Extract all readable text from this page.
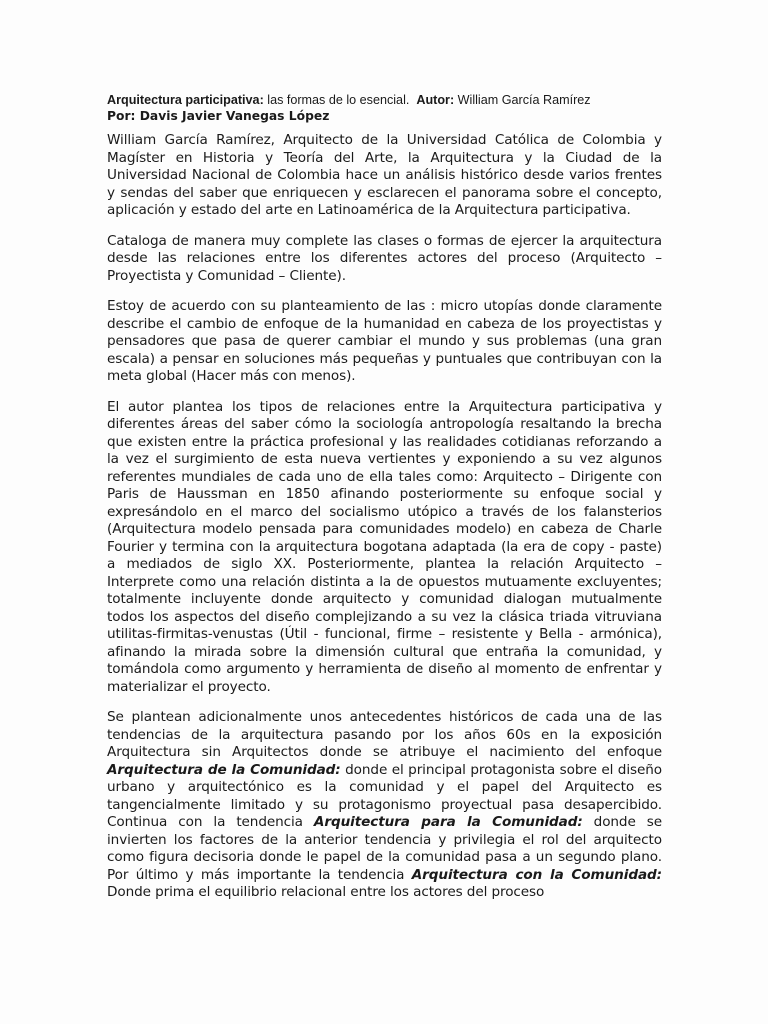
Arquitectura participativa: las formas de lo esencial. Autor: William García Ramírez
Por: Davis Javier Vanegas López

William García Ramírez, Arquitecto de la Universidad Católica de Colombia y Magíster en Historia y Teoría del Arte, la Arquitectura y la Ciudad de la Universidad Nacional de Colombia hace un análisis histórico desde varios frentes y sendas del saber que enriquecen y esclarecen el panorama sobre el concepto, aplicación y estado del arte en Latinoamérica de la Arquitectura participativa.

Cataloga de manera muy complete las clases o formas de ejercer la arquitectura desde las relaciones entre los diferentes actores del proceso (Arquitecto – Proyectista y Comunidad – Cliente).

Estoy de acuerdo con su planteamiento de las : micro utopías donde claramente describe el cambio de enfoque de la humanidad en cabeza de los proyectistas y pensadores que pasa de querer cambiar el mundo y sus problemas (una gran escala) a pensar en soluciones más pequeñas y puntuales que contribuyan con la meta global (Hacer más con menos).

El autor plantea los tipos de relaciones entre la Arquitectura participativa y diferentes áreas del saber cómo la sociología antropología resaltando la brecha que existen entre la práctica profesional y las realidades cotidianas reforzando a la vez el surgimiento de esta nueva vertientes y exponiendo a su vez algunos referentes mundiales de cada uno de ella tales como: Arquitecto – Dirigente con Paris de Haussman en 1850 afinando posteriormente su enfoque social y expresándolo en el marco del socialismo utópico a través de los falansterios (Arquitectura modelo pensada para comunidades modelo) en cabeza de Charle Fourier y termina con la arquitectura bogotana adaptada (la era de copy - paste) a mediados de siglo XX. Posteriormente, plantea la relación Arquitecto – Interprete como una relación distinta a la de opuestos mutuamente excluyentes; totalmente incluyente donde arquitecto y comunidad dialogan mutualmente todos los aspectos del diseño complejizando a su vez la clásica triada vitruviana utilitas-firmitas-venustas (Útil - funcional, firme – resistente y Bella - armónica), afinando la mirada sobre la dimensión cultural que entraña la comunidad, y tomándola como argumento y herramienta de diseño al momento de enfrentar y materializar el proyecto.

Se plantean adicionalmente unos antecedentes históricos de cada una de las tendencias de la arquitectura pasando por los años 60s en la exposición Arquitectura sin Arquitectos donde se atribuye el nacimiento del enfoque Arquitectura de la Comunidad: donde el principal protagonista sobre el diseño urbano y arquitectónico es la comunidad y el papel del Arquitecto es tangencialmente limitado y su protagonismo proyectual pasa desapercibido. Continua con la tendencia Arquitectura para la Comunidad: donde se invierten los factores de la anterior tendencia y privilegia el rol del arquitecto como figura decisoria donde le papel de la comunidad pasa a un segundo plano. Por último y más importante la tendencia Arquitectura con la Comunidad: Donde prima el equilibrio relacional entre los actores del proceso
